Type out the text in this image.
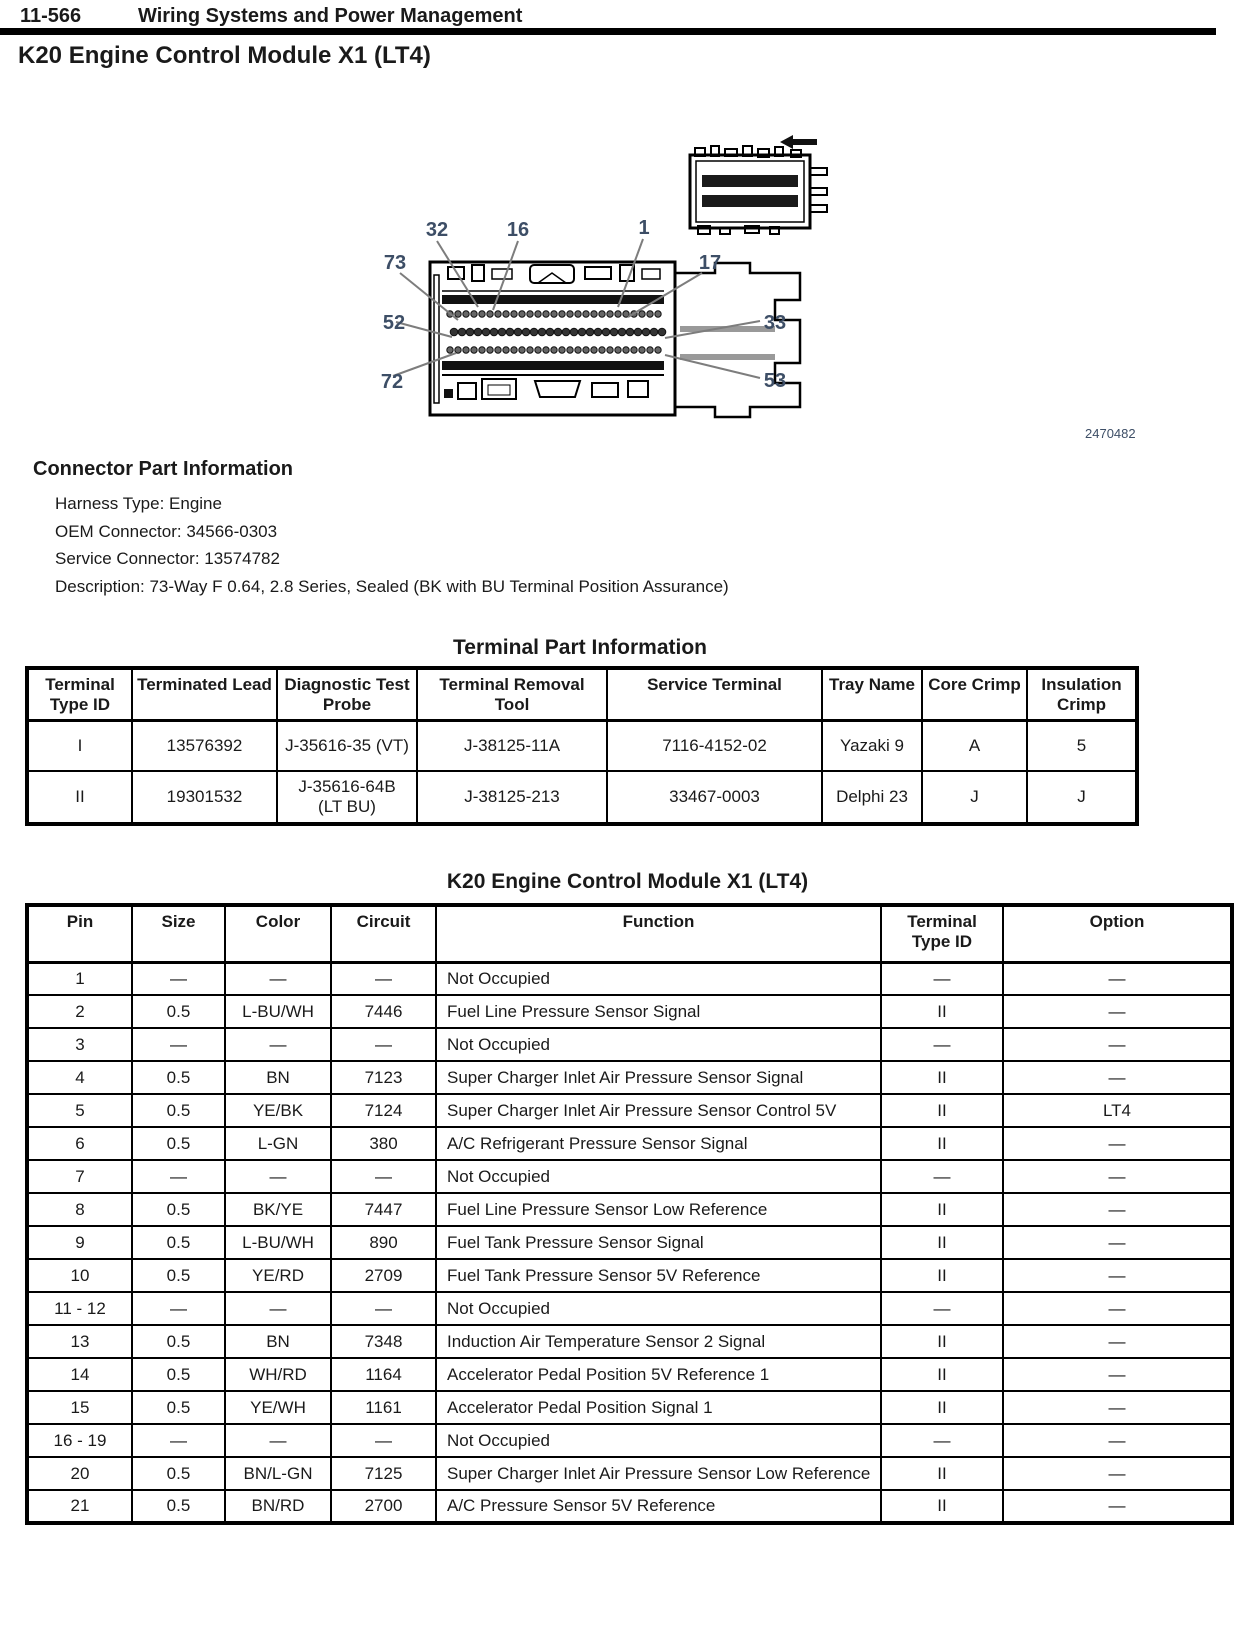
11-566	Wiring Systems and Power Management
K20 Engine Control Module X1 (LT4)
32	16	1
73	17
52	33
72	53
2470482
Connector Part Information
Harness Type: Engine
OEM Connector: 34566-0303
Service Connector: 13574782
Description: 73-Way F 0.64, 2.8 Series, Sealed (BK with BU Terminal Position Assurance)
Terminal Part Information
Terminal Type ID	Terminated Lead	Diagnostic Test Probe	Terminal Removal Tool	Service Terminal	Tray Name	Core Crimp	Insulation Crimp
I	13576392	J-35616-35 (VT)	J-38125-11A	7116-4152-02	Yazaki 9	A	5
II	19301532	J-35616-64B (LT BU)	J-38125-213	33467-0003	Delphi 23	J	J
K20 Engine Control Module X1 (LT4)
Pin	Size	Color	Circuit	Function	Terminal Type ID	Option
1	—	—	—	Not Occupied	—	—
2	0.5	L-BU/WH	7446	Fuel Line Pressure Sensor Signal	II	—
3	—	—	—	Not Occupied	—	—
4	0.5	BN	7123	Super Charger Inlet Air Pressure Sensor Signal	II	—
5	0.5	YE/BK	7124	Super Charger Inlet Air Pressure Sensor Control 5V	II	LT4
6	0.5	L-GN	380	A/C Refrigerant Pressure Sensor Signal	II	—
7	—	—	—	Not Occupied	—	—
8	0.5	BK/YE	7447	Fuel Line Pressure Sensor Low Reference	II	—
9	0.5	L-BU/WH	890	Fuel Tank Pressure Sensor Signal	II	—
10	0.5	YE/RD	2709	Fuel Tank Pressure Sensor 5V Reference	II	—
11 - 12	—	—	—	Not Occupied	—	—
13	0.5	BN	7348	Induction Air Temperature Sensor 2 Signal	II	—
14	0.5	WH/RD	1164	Accelerator Pedal Position 5V Reference 1	II	—
15	0.5	YE/WH	1161	Accelerator Pedal Position Signal 1	II	—
16 - 19	—	—	—	Not Occupied	—	—
20	0.5	BN/L-GN	7125	Super Charger Inlet Air Pressure Sensor Low Reference	II	—
21	0.5	BN/RD	2700	A/C Pressure Sensor 5V Reference	II	—
